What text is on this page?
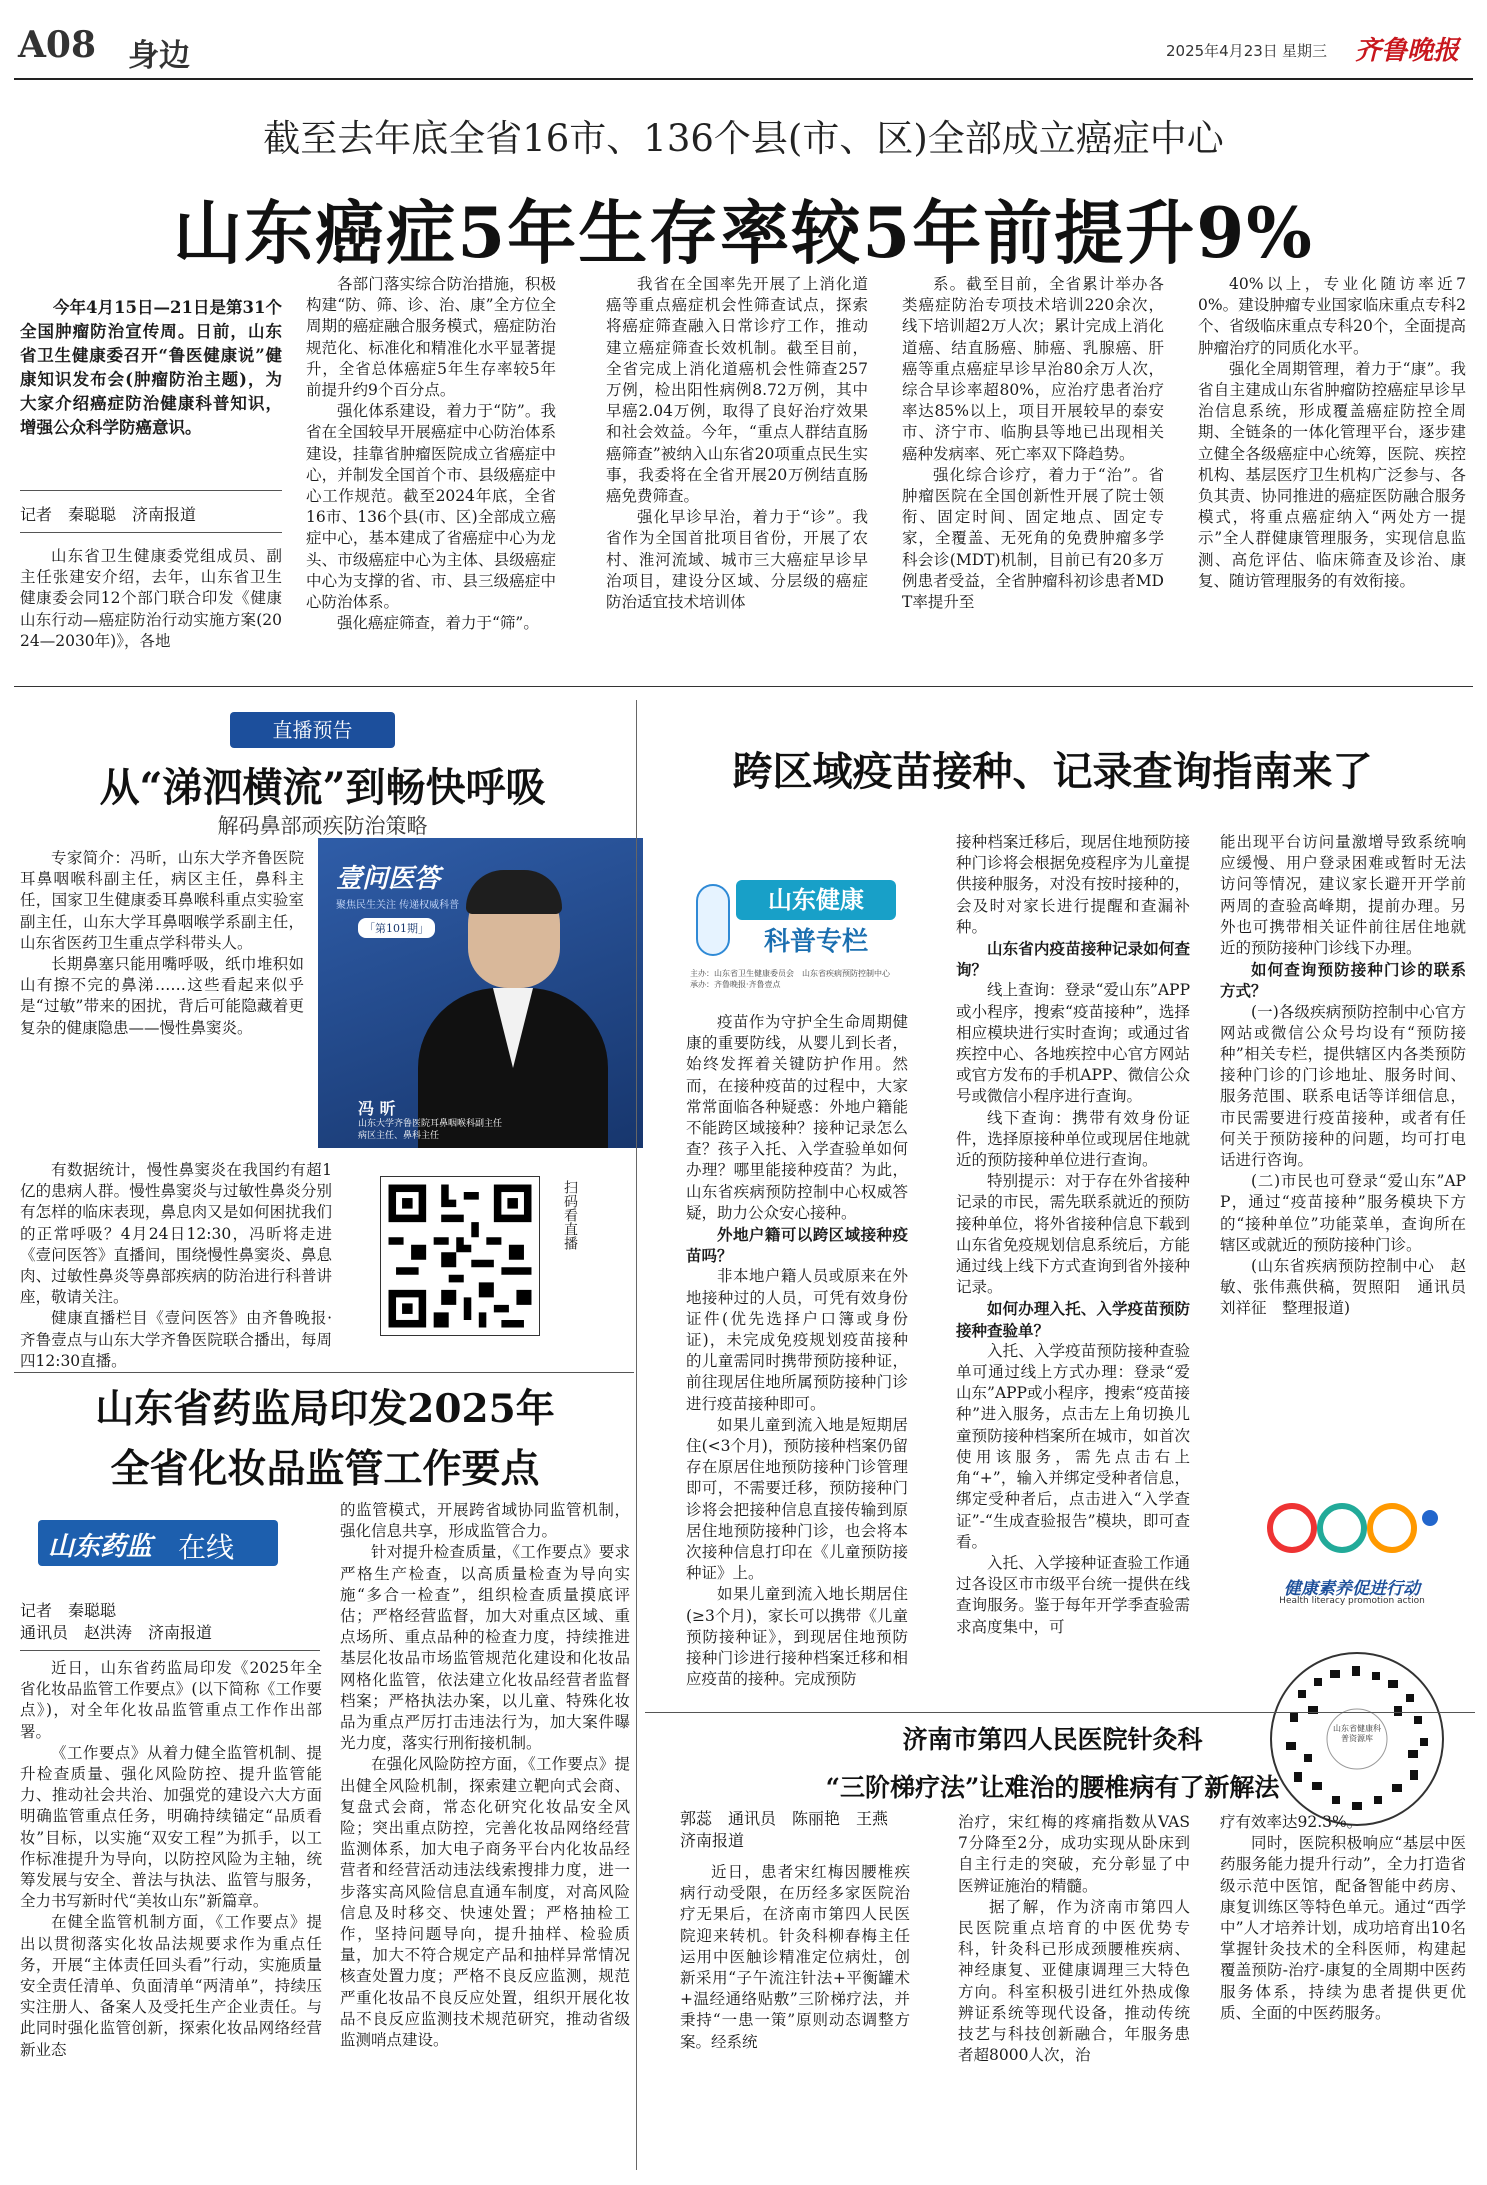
A08 身边	2025年4月23日 星期三 齐鲁晚报
截至去年底全省16市、136个县(市、区)全部成立癌症中心
山东癌症5年生存率较5年前提升9%
今年4月15日—21日是第31个全国肿瘤防治宣传周。日前，山东省卫生健康委召开“鲁医健康说”健康知识发布会(肿瘤防治主题)，为大家介绍癌症防治健康科普知识，增强公众科学防癌意识。
记者　秦聪聪　济南报道

山东省卫生健康委党组成员、副主任张建安介绍，去年，山东省卫生健康委会同12个部门联合印发《健康山东行动—癌症防治行动实施方案(2024—2030年)》，各地

各部门落实综合防治措施，积极构建“防、筛、诊、治、康”全方位全周期的癌症融合服务模式，癌症防治规范化、标准化和精准化水平显著提升，全省总体癌症5年生存率较5年前提升约9个百分点。

强化体系建设，着力于“防”。我省在全国较早开展癌症中心防治体系建设，挂靠省肿瘤医院成立省癌症中心，并制发全国首个市、县级癌症中心工作规范。截至2024年底，全省16市、136个县(市、区)全部成立癌症中心，基本建成了省癌症中心为龙头、市级癌症中心为主体、县级癌症中心为支撑的省、市、县三级癌症中心防治体系。

强化癌症筛查，着力于“筛”。

我省在全国率先开展了上消化道癌等重点癌症机会性筛查试点，探索将癌症筛查融入日常诊疗工作，推动建立癌症筛查长效机制。截至目前，全省完成上消化道癌机会性筛查257万例，检出阳性病例8.72万例，其中早癌2.04万例，取得了良好治疗效果和社会效益。今年，“重点人群结直肠癌筛查”被纳入山东省20项重点民生实事，我委将在全省开展20万例结直肠癌免费筛查。

强化早诊早治，着力于“诊”。我省作为全国首批项目省份，开展了农村、淮河流域、城市三大癌症早诊早治项目，建设分区域、分层级的癌症防治适宜技术培训体

系。截至目前，全省累计举办各类癌症防治专项技术培训220余次，线下培训超2万人次；累计完成上消化道癌、结直肠癌、肺癌、乳腺癌、肝癌等重点癌症早诊早治80余万人次，综合早诊率超80%，应治疗患者治疗率达85%以上，项目开展较早的泰安市、济宁市、临朐县等地已出现相关癌种发病率、死亡率双下降趋势。

强化综合诊疗，着力于“治”。省肿瘤医院在全国创新性开展了院士领衔、固定时间、固定地点、固定专家，全覆盖、无死角的免费肿瘤多学科会诊(MDT)机制，目前已有20多万例患者受益，全省肿瘤科初诊患者MDT率提升至

40%以上，专业化随访率近70%。建设肿瘤专业国家临床重点专科2个、省级临床重点专科20个，全面提高肿瘤治疗的同质化水平。

强化全周期管理，着力于“康”。我省自主建成山东省肿瘤防控癌症早诊早治信息系统，形成覆盖癌症防控全周期、全链条的一体化管理平台，逐步建立健全各级癌症中心统筹，医院、疾控机构、基层医疗卫生机构广泛参与、各负其责、协同推进的癌症医防融合服务模式，将重点癌症纳入“两处方一提示”全人群健康管理服务，实现信息监测、高危评估、临床筛查及诊治、康复、随访管理服务的有效衔接。

直播预告
从“涕泗横流”到畅快呼吸
解码鼻部顽疾防治策略

专家简介：冯昕，山东大学齐鲁医院耳鼻咽喉科副主任，病区主任，鼻科主任，国家卫生健康委耳鼻喉科重点实验室副主任，山东大学耳鼻咽喉学系副主任，山东省医药卫生重点学科带头人。

长期鼻塞只能用嘴呼吸，纸巾堆积如山有擦不完的鼻涕……这些看起来似乎是“过敏”带来的困扰，背后可能隐藏着更复杂的健康隐患——慢性鼻窦炎。

有数据统计，慢性鼻窦炎在我国约有超1亿的患病人群。慢性鼻窦炎与过敏性鼻炎分别有怎样的临床表现，鼻息肉又是如何困扰我们的正常呼吸？4月24日12:30，冯昕将走进《壹问医答》直播间，围绕慢性鼻窦炎、鼻息肉、过敏性鼻炎等鼻部疾病的防治进行科普讲座，敬请关注。

健康直播栏目《壹问医答》由齐鲁晚报·齐鲁壹点与山东大学齐鲁医院联合播出，每周四12:30直播。

壹问医答
聚焦民生关注 传递权威科普
「第101期」
冯 昕
山东大学齐鲁医院耳鼻咽喉科副主任 病区主任、鼻科主任
扫码看直播
山东省药监局印发2025年
全省化妆品监管工作要点
山东药监 在线
记者　秦聪聪
通讯员　赵洪涛　济南报道

近日，山东省药监局印发《2025年全省化妆品监管工作要点》(以下简称《工作要点》)，对全年化妆品监管重点工作作出部署。

《工作要点》从着力健全监管机制、提升检查质量、强化风险防控、提升监管能力、推动社会共治、加强党的建设六大方面明确监管重点任务，明确持续锚定“品质看妆”目标，以实施“双安工程”为抓手，以工作标准提升为导向，以防控风险为主轴，统筹发展与安全、普法与执法、监管与服务，全力书写新时代“美妆山东”新篇章。

在健全监管机制方面，《工作要点》提出以贯彻落实化妆品法规要求作为重点任务，开展“主体责任回头看”行动，实施质量安全责任清单、负面清单“两清单”，持续压实注册人、备案人及受托生产企业责任。与此同时强化监管创新，探索化妆品网络经营新业态

的监管模式，开展跨省域协同监管机制，强化信息共享，形成监管合力。

针对提升检查质量，《工作要点》要求严格生产检查，以高质量检查为导向实施“多合一检查”，组织检查质量摸底评估；严格经营监督，加大对重点区域、重点场所、重点品种的检查力度，持续推进基层化妆品市场监管规范化建设和化妆品网格化监管，依法建立化妆品经营者监督档案；严格执法办案，以儿童、特殊化妆品为重点严厉打击违法行为，加大案件曝光力度，落实行刑衔接机制。

在强化风险防控方面，《工作要点》提出健全风险机制，探索建立靶向式会商、复盘式会商，常态化研究化妆品安全风险；突出重点防控，完善化妆品网络经营监测体系，加大电子商务平台内化妆品经营者和经营活动违法线索搜排力度，进一步落实高风险信息直通车制度，对高风险信息及时移交、快速处置；严格抽检工作，坚持问题导向，提升抽样、检验质量，加大不符合规定产品和抽样异常情况核查处置力度；严格不良反应监测，规范严重化妆品不良反应处置，组织开展化妆品不良反应监测技术规范研究，推动省级监测哨点建设。

跨区域疫苗接种、记录查询指南来了
山东健康
科普专栏
主办：山东省卫生健康委员会　山东省疾病预防控制中心　承办：齐鲁晚报·齐鲁壹点

疫苗作为守护全生命周期健康的重要防线，从婴儿到长者，始终发挥着关键防护作用。然而，在接种疫苗的过程中，大家常常面临各种疑惑：外地户籍能不能跨区域接种？接种记录怎么查？孩子入托、入学查验单如何办理？哪里能接种疫苗？为此，山东省疾病预防控制中心权威答疑，助力公众安心接种。

外地户籍可以跨区域接种疫苗吗？

非本地户籍人员或原来在外地接种过的人员，可凭有效身份证件(优先选择户口簿或身份证)，未完成免疫规划疫苗接种的儿童需同时携带预防接种证，前往现居住地所属预防接种门诊进行疫苗接种即可。

如果儿童到流入地是短期居住(<3个月)，预防接种档案仍留存在原居住地预防接种门诊管理即可，不需要迁移，预防接种门诊将会把接种信息直接传输到原居住地预防接种门诊，也会将本次接种信息打印在《儿童预防接种证》上。

如果儿童到流入地长期居住(≥3个月)，家长可以携带《儿童预防接种证》，到现居住地预防接种门诊进行接种档案迁移和相应疫苗的接种。完成预防

接种档案迁移后，现居住地预防接种门诊将会根据免疫程序为儿童提供接种服务，对没有按时接种的，会及时对家长进行提醒和查漏补种。

山东省内疫苗接种记录如何查询？

线上查询：登录“爱山东”APP或小程序，搜索“疫苗接种”，选择相应模块进行实时查询；或通过省疾控中心、各地疾控中心官方网站或官方发布的手机APP、微信公众号或微信小程序进行查询。

线下查询：携带有效身份证件，选择原接种单位或现居住地就近的预防接种单位进行查询。

特别提示：对于存在外省接种记录的市民，需先联系就近的预防接种单位，将外省接种信息下载到山东省免疫规划信息系统后，方能通过线上线下方式查询到省外接种记录。

如何办理入托、入学疫苗预防接种查验单？

入托、入学疫苗预防接种查验单可通过线上方式办理：登录“爱山东”APP或小程序，搜索“疫苗接种”进入服务，点击左上角切换儿童预防接种档案所在城市，如首次使用该服务，需先点击右上角“+”，输入并绑定受种者信息，绑定受种者后，点击进入“入学查证”-“生成查验报告”模块，即可查看。

入托、入学接种证查验工作通过各设区市市级平台统一提供在线查询服务。鉴于每年开学季查验需求高度集中，可

能出现平台访问量激增导致系统响应缓慢、用户登录困难或暂时无法访问等情况，建议家长避开开学前两周的查验高峰期，提前办理。另外也可携带相关证件前往居住地就近的预防接种门诊线下办理。

如何查询预防接种门诊的联系方式？

(一)各级疾病预防控制中心官方网站或微信公众号均设有“预防接种”相关专栏，提供辖区内各类预防接种门诊的门诊地址、服务时间、服务范围、联系电话等详细信息，市民需要进行疫苗接种，或者有任何关于预防接种的问题，均可打电话进行咨询。

(二)市民也可登录“爱山东”APP，通过“疫苗接种”服务模块下方的“接种单位”功能菜单，查询所在辖区或就近的预防接种门诊。

(山东省疾病预防控制中心　赵敏、张伟燕供稿，贺照阳　通讯员　刘祥征　整理报道)

健康素养促进行动
Health literacy promotion action
山东省健康科普资源库
济南市第四人民医院针灸科
“三阶梯疗法”让难治的腰椎病有了新解法
郭蕊　通讯员　陈丽艳　王燕　济南报道

近日，患者宋红梅因腰椎疾病行动受限，在历经多家医院治疗无果后，在济南市第四人民医院迎来转机。针灸科柳春梅主任运用中医触诊精准定位病灶，创新采用“子午流注针法+平衡罐术+温经通络贴敷”三阶梯疗法，并秉持“一患一策”原则动态调整方案。经系统

治疗，宋红梅的疼痛指数从VAS 7分降至2分，成功实现从卧床到自主行走的突破，充分彰显了中医辨证施治的精髓。

据了解，作为济南市第四人民医院重点培育的中医优势专科，针灸科已形成颈腰椎疾病、神经康复、亚健康调理三大特色方向。科室积极引进红外热成像辨证系统等现代设备，推动传统技艺与科技创新融合，年服务患者超8000人次，治

疗有效率达92.3%。

同时，医院积极响应“基层中医药服务能力提升行动”，全力打造省级示范中医馆，配备智能中药房、康复训练区等特色单元。通过“西学中”人才培养计划，成功培育出10名掌握针灸技术的全科医师，构建起覆盖预防-治疗-康复的全周期中医药服务体系，持续为患者提供更优质、全面的中医药服务。
